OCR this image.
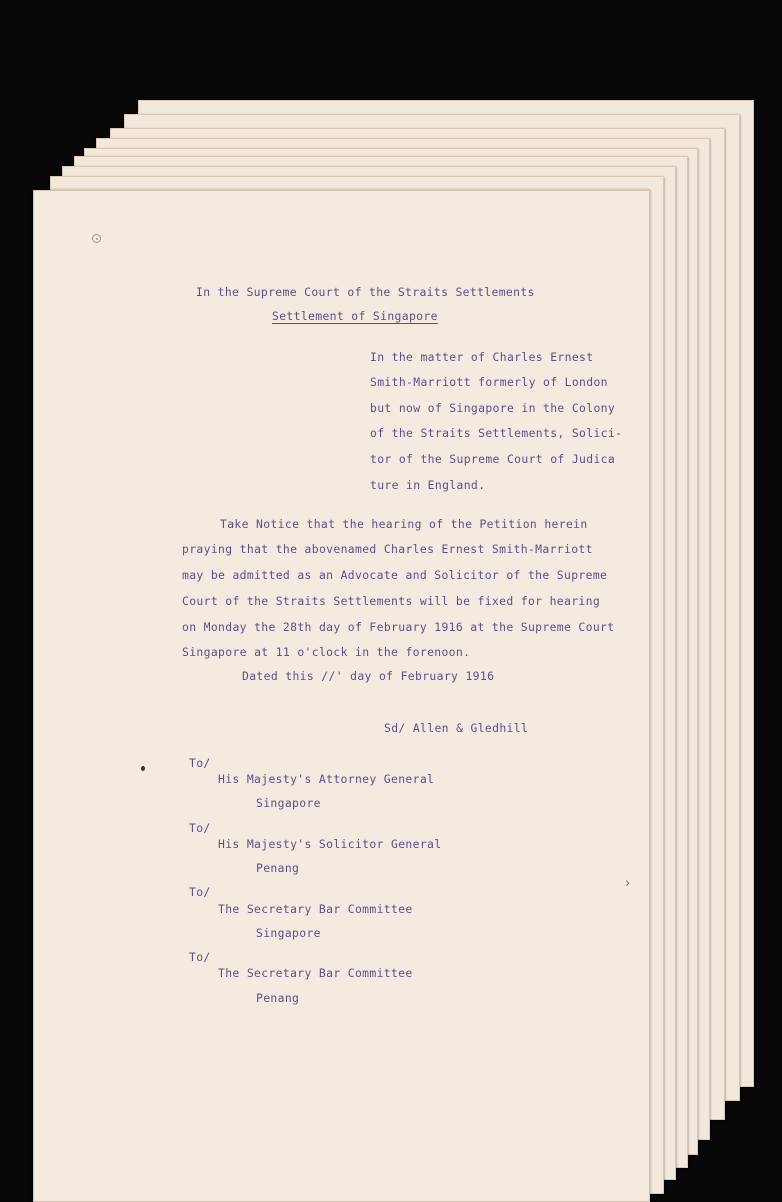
›
In the Supreme Court of the Straits Settlements
Settlement of Singapore
In the matter of Charles Ernest
Smith-Marriott formerly of London
but now of Singapore in the Colony
of the Straits Settlements, Solici-
tor of the Supreme Court of Judica
ture in England.
Take Notice that the hearing of the Petition herein
praying that the abovenamed Charles Ernest Smith-Marriott
may be admitted as an Advocate and Solicitor of the Supreme
Court of the Straits Settlements will be fixed for hearing
on Monday the 28th day of February 1916 at the Supreme Court
Singapore at 11 o'clock in the forenoon.
Dated this //' day of February 1916
Sd/ Allen & Gledhill
To/
His Majesty's Attorney General
Singapore
To/
His Majesty's Solicitor General
Penang
To/
The Secretary Bar Committee
Singapore
To/
The Secretary Bar Committee
Penang
